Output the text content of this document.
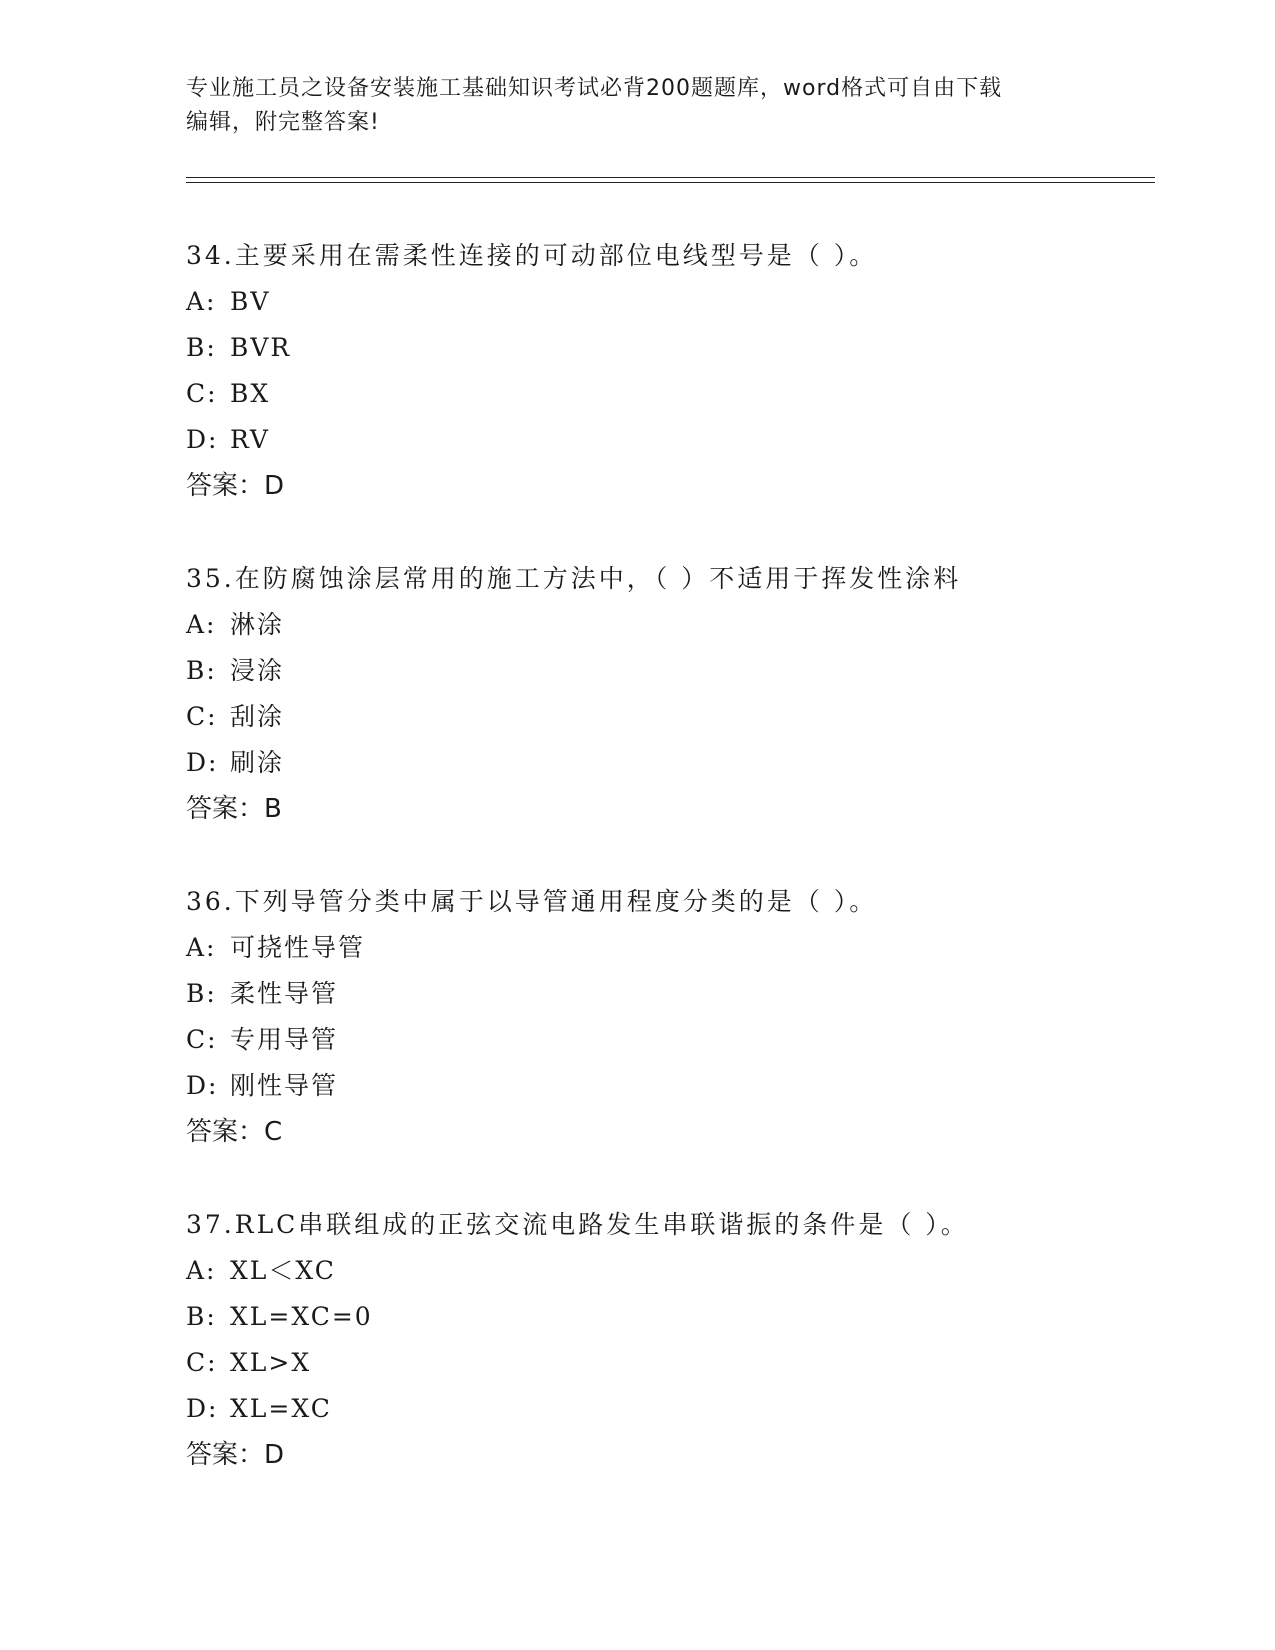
专业施工员之设备安装施工基础知识考试必背200题题库，word格式可自由下载
编辑，附完整答案!
34.主要采用在需柔性连接的可动部位电线型号是（ ）。
A: BV
B: BVR
C: BX
D: RV
答案：D
35.在防腐蚀涂层常用的施工方法中，（ ）不适用于挥发性涂料
A: 淋涂
B: 浸涂
C: 刮涂
D: 刷涂
答案：B
36.下列导管分类中属于以导管通用程度分类的是（ ）。
A: 可挠性导管
B: 柔性导管
C: 专用导管
D: 刚性导管
答案：C
37.RLC串联组成的正弦交流电路发生串联谐振的条件是（ ）。
A: XL＜XC
B: XL=XC=0
C: XL>X
D: XL=XC
答案：D
